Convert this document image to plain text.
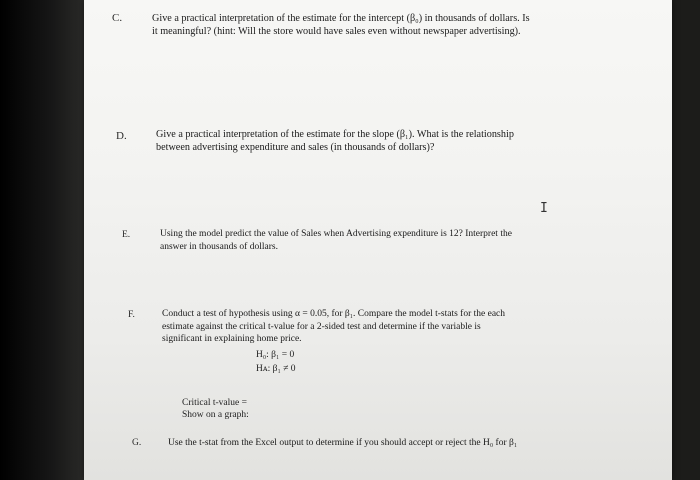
C.	Give a practical interpretation of the estimate for the intercept (β₀) in thousands of dollars. Is
it meaningful? (hint: Will the store would have sales even without newspaper advertising).
D.	Give a practical interpretation of the estimate for the slope (β₁). What is the relationship
between advertising expenditure and sales (in thousands of dollars)?
I
E.	Using the model predict the value of Sales when Advertising expenditure is 12? Interpret the
answer in thousands of dollars.
F.	Conduct a test of hypothesis using α = 0.05, for β₁. Compare the model t-stats for the each
estimate against the critical t-value for a 2-sided test and determine if the variable is
significant in explaining home price.
H₀: β₁ = 0
Hᴀ: β₁ ≠ 0
Critical t-value =
Show on a graph:
G.	Use the t-stat from the Excel output to determine if you should accept or reject the H₀ for β₁
